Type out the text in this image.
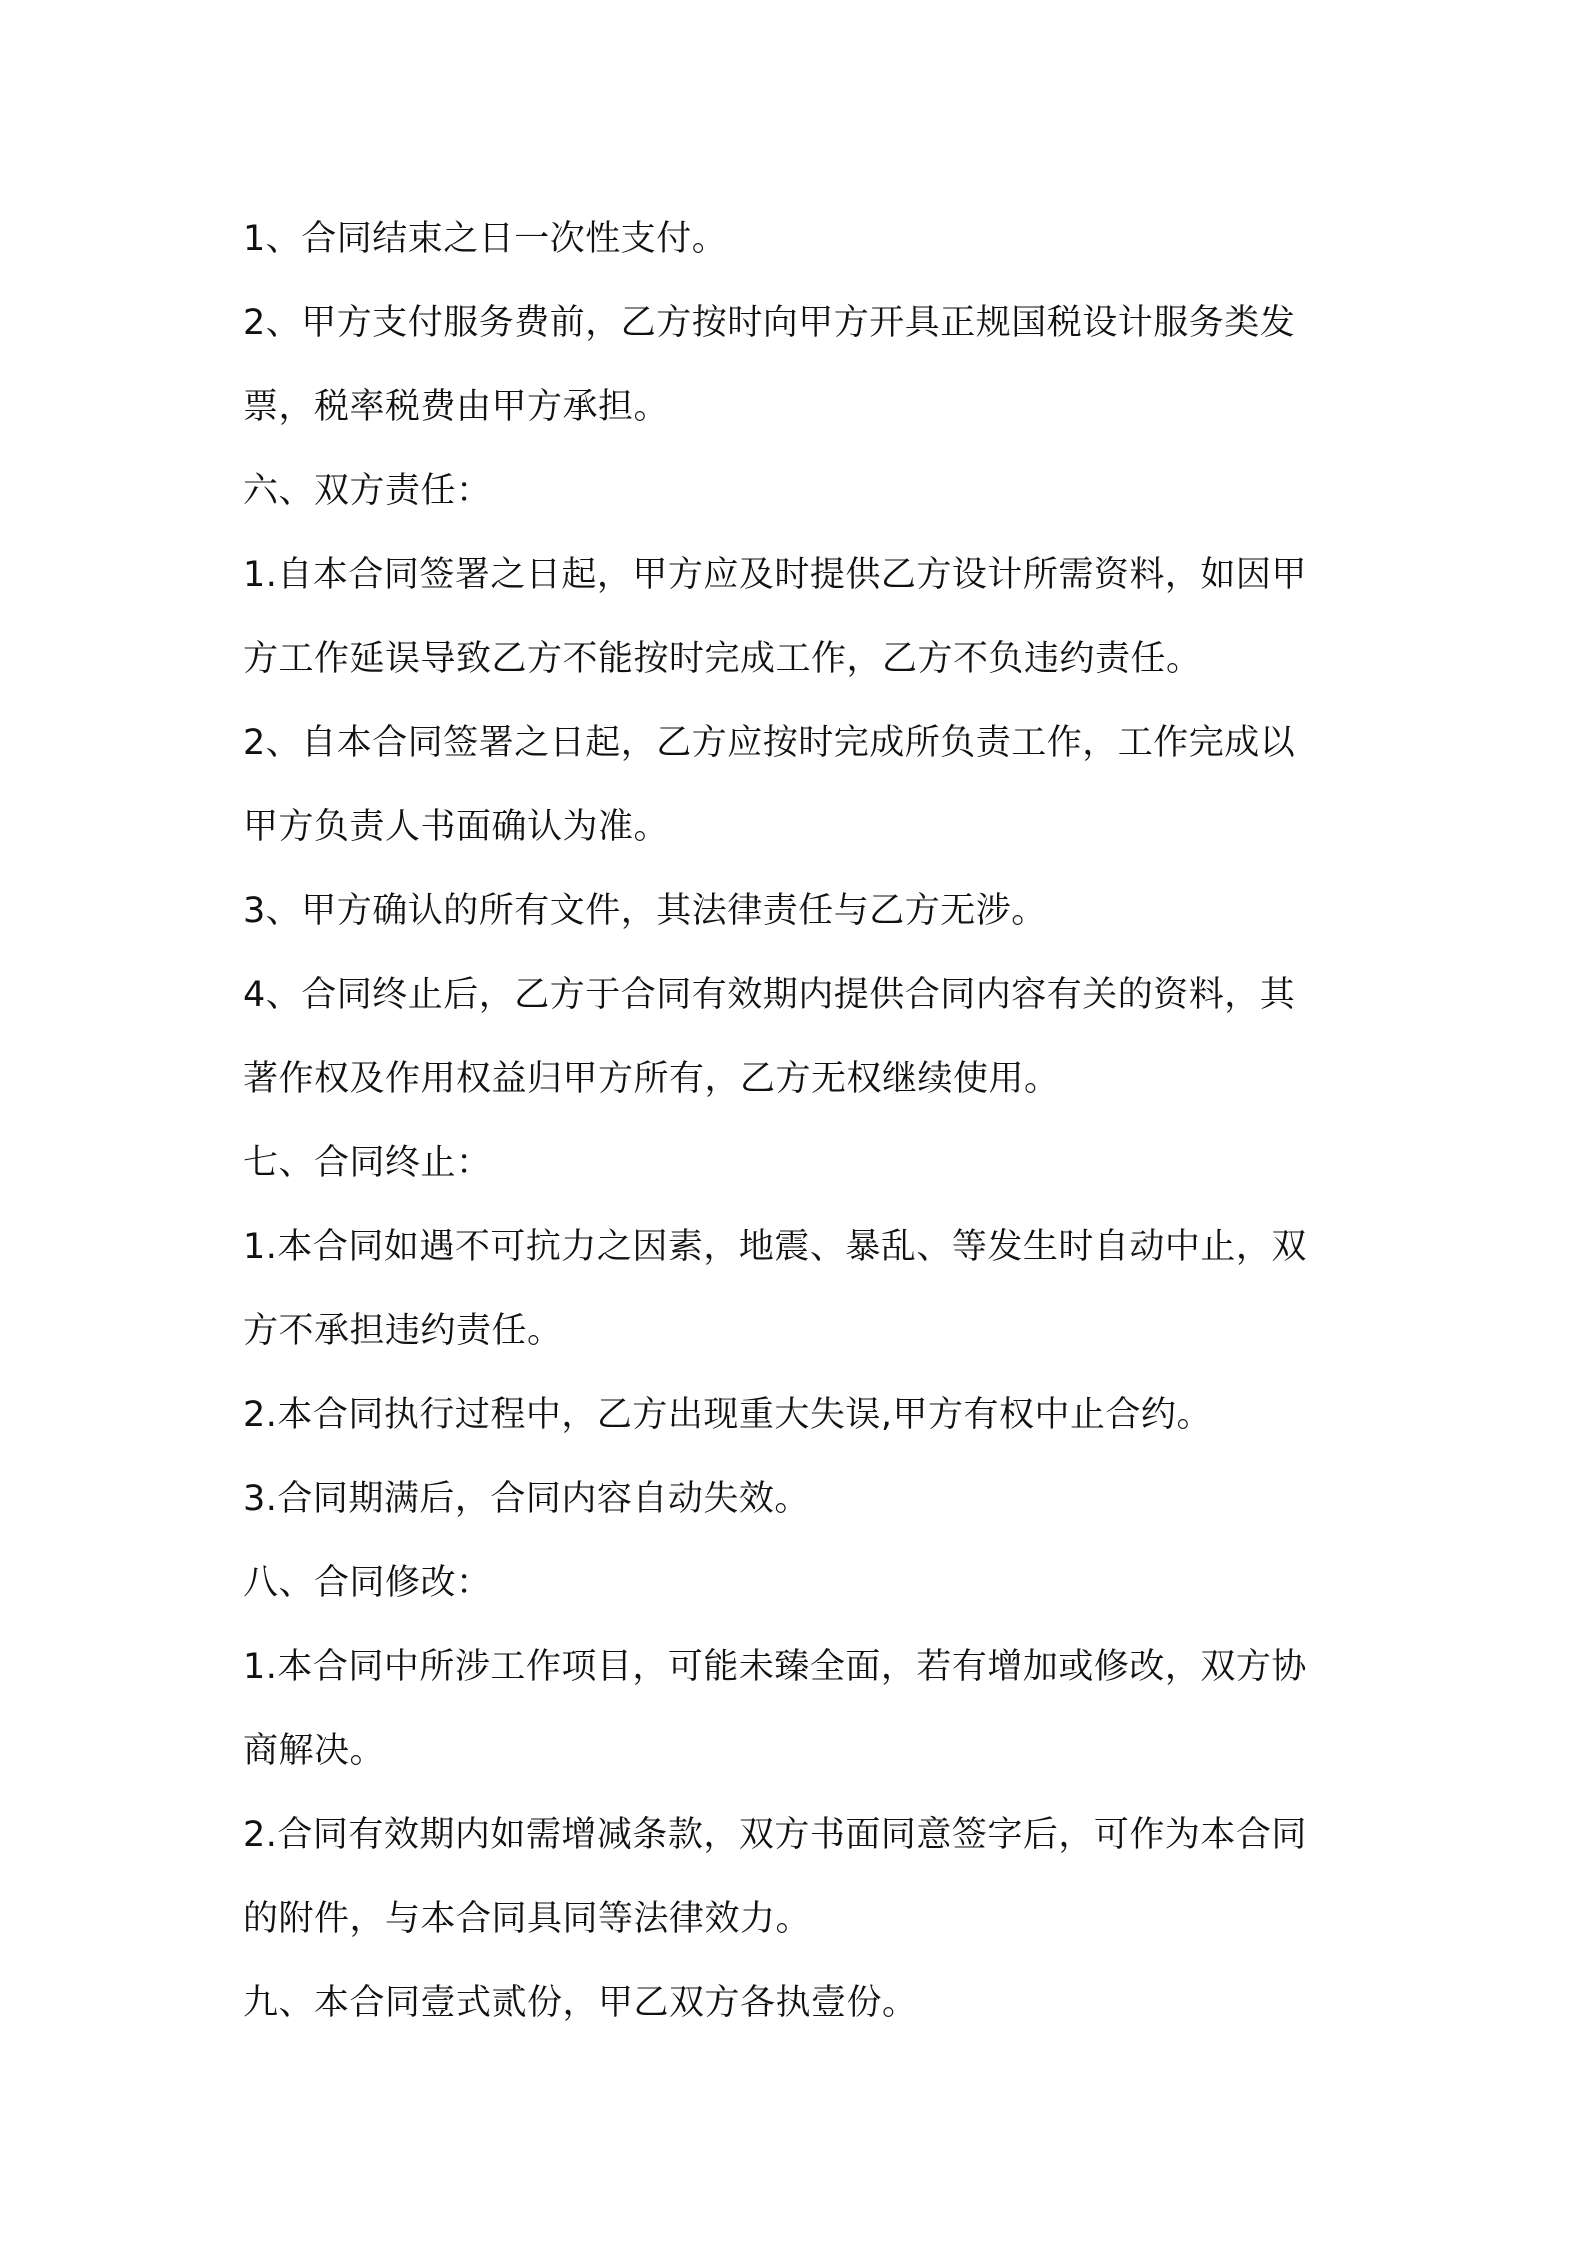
1、合同结束之日一次性支付。
2、甲方支付服务费前，乙方按时向甲方开具正规国税设计服务类发
票，税率税费由甲方承担。
六、双方责任：
1.自本合同签署之日起，甲方应及时提供乙方设计所需资料，如因甲
方工作延误导致乙方不能按时完成工作，乙方不负违约责任。
2、自本合同签署之日起，乙方应按时完成所负责工作，工作完成以
甲方负责人书面确认为准。
3、甲方确认的所有文件，其法律责任与乙方无涉。
4、合同终止后，乙方于合同有效期内提供合同内容有关的资料，其
著作权及作用权益归甲方所有，乙方无权继续使用。
七、合同终止：
1.本合同如遇不可抗力之因素，地震、暴乱、等发生时自动中止，双
方不承担违约责任。
2.本合同执行过程中，乙方出现重大失误,甲方有权中止合约。
3.合同期满后，合同内容自动失效。
八、合同修改：
1.本合同中所涉工作项目，可能未臻全面，若有增加或修改，双方协
商解决。
2.合同有效期内如需增减条款，双方书面同意签字后，可作为本合同
的附件，与本合同具同等法律效力。
九、本合同壹式贰份，甲乙双方各执壹份。
